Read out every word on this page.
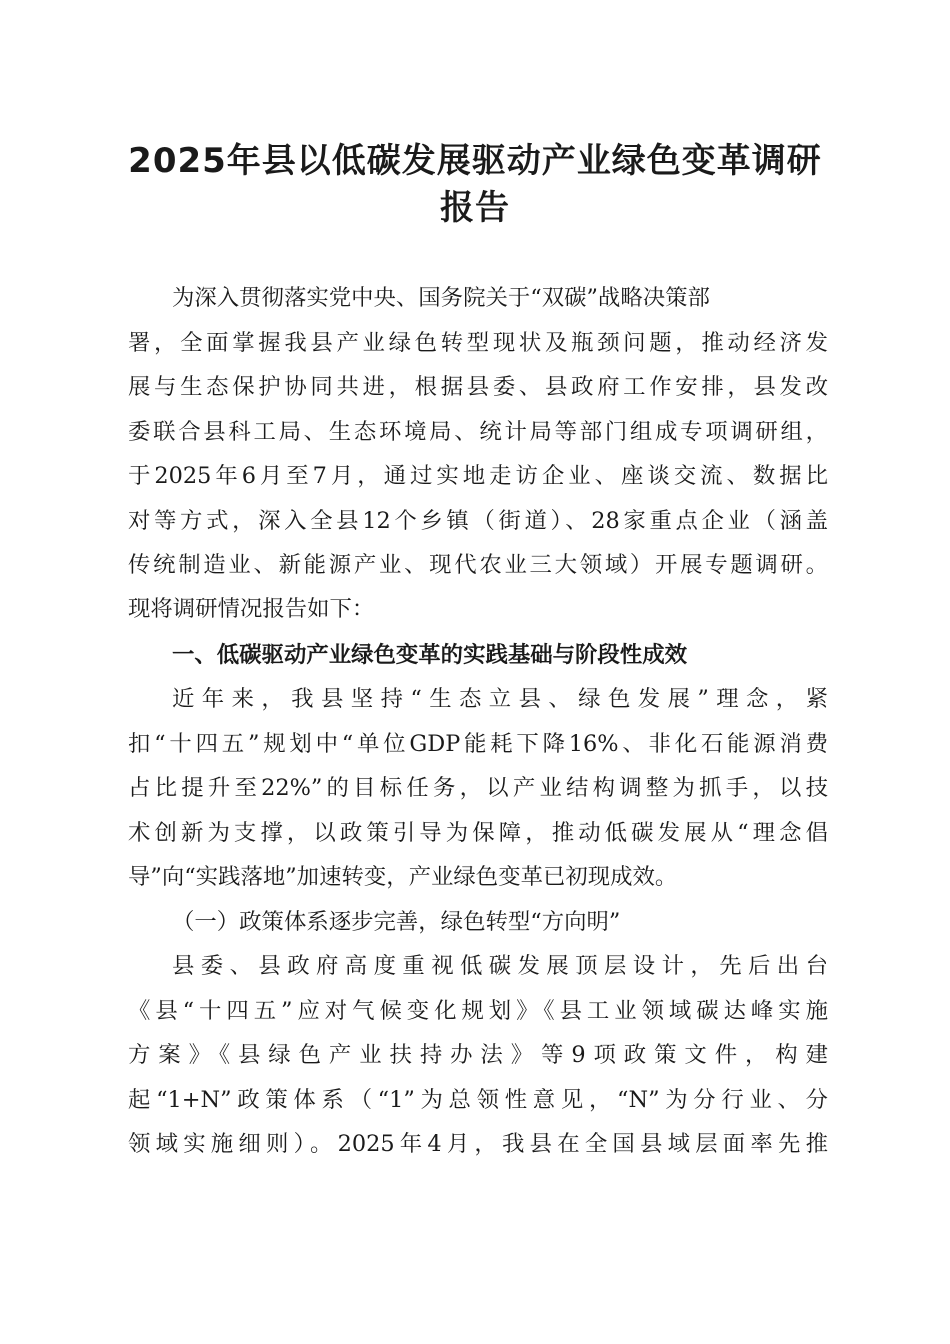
2025年县以低碳发展驱动产业绿色变革调研
报告

为深入贯彻落实党中央、国务院关于“双碳”战略决策部

署，全面掌握我县产业绿色转型现状及瓶颈问题，推动经济发

展与生态保护协同共进，根据县委、县政府工作安排，县发改

委联合县科工局、生态环境局、统计局等部门组成专项调研组，

于2025年6月至7月，通过实地走访企业、座谈交流、数据比

对等方式，深入全县12个乡镇（街道）、28家重点企业（涵盖

传统制造业、新能源产业、现代农业三大领域）开展专题调研。

现将调研情况报告如下：

一、低碳驱动产业绿色变革的实践基础与阶段性成效

近年来，我县坚持“生态立县、绿色发展”理念，紧

扣“十四五”规划中“单位GDP能耗下降16%、非化石能源消费

占比提升至22%”的目标任务，以产业结构调整为抓手，以技

术创新为支撑，以政策引导为保障，推动低碳发展从“理念倡

导”向“实践落地”加速转变，产业绿色变革已初现成效。

（一）政策体系逐步完善，绿色转型“方向明”

县委、县政府高度重视低碳发展顶层设计，先后出台

《县“十四五”应对气候变化规划》《县工业领域碳达峰实施

方案》《县绿色产业扶持办法》等9项政策文件，构建

起“1+N”政策体系（“1”为总领性意见，“N”为分行业、分

领域实施细则）。2025年4月，我县在全国县域层面率先推
